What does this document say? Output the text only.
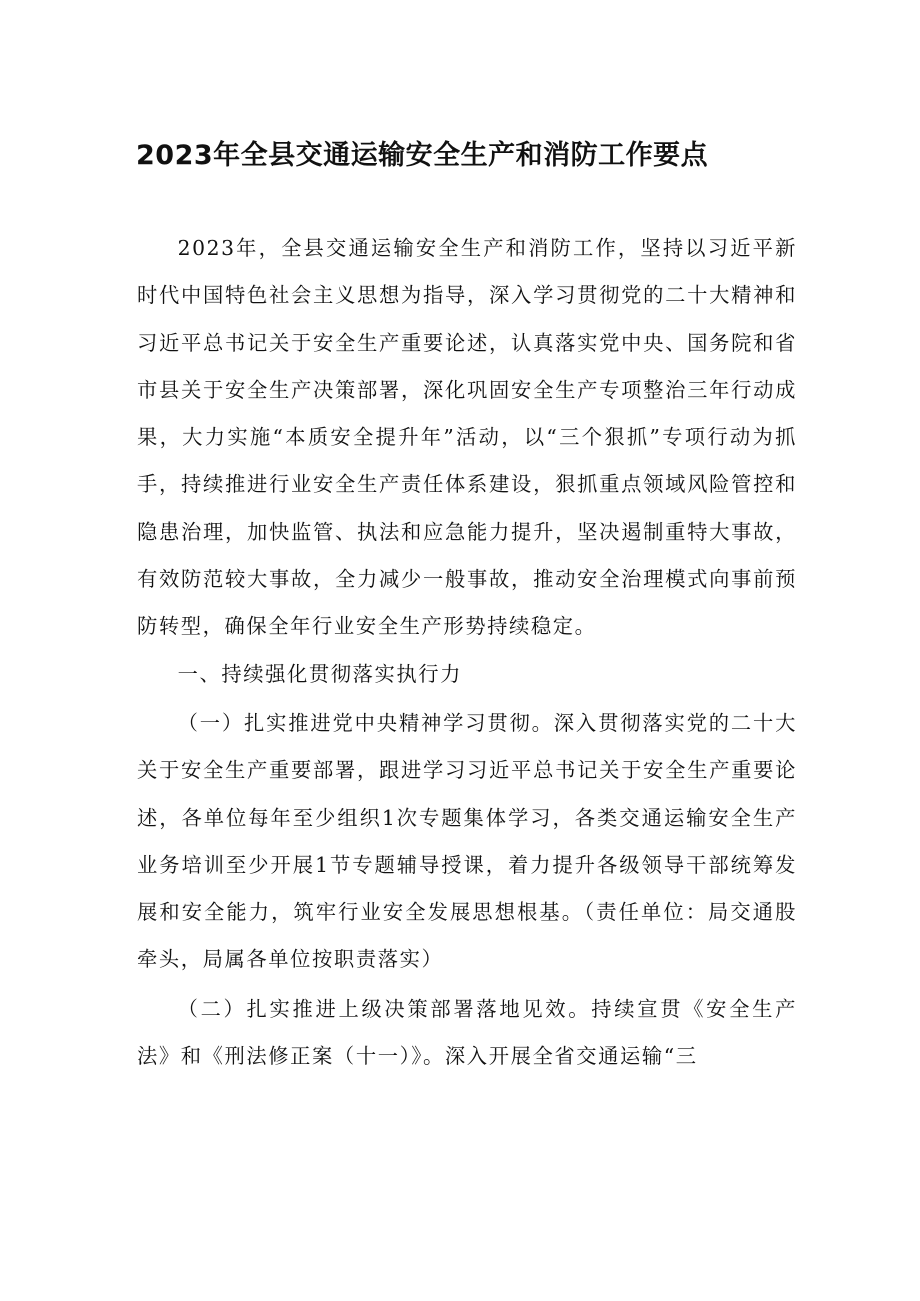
2023年全县交通运输安全生产和消防工作要点

2023年，全县交通运输安全生产和消防工作，坚持以习近平新时代中国特色社会主义思想为指导，深入学习贯彻党的二十大精神和习近平总书记关于安全生产重要论述，认真落实党中央、国务院和省市县关于安全生产决策部署，深化巩固安全生产专项整治三年行动成果，大力实施“本质安全提升年”活动，以“三个狠抓”专项行动为抓手，持续推进行业安全生产责任体系建设，狠抓重点领域风险管控和隐患治理，加快监管、执法和应急能力提升，坚决遏制重特大事故，有效防范较大事故，全力减少一般事故，推动安全治理模式向事前预防转型，确保全年行业安全生产形势持续稳定。

一、持续强化贯彻落实执行力

（一）扎实推进党中央精神学习贯彻。深入贯彻落实党的二十大关于安全生产重要部署，跟进学习习近平总书记关于安全生产重要论述，各单位每年至少组织1次专题集体学习，各类交通运输安全生产业务培训至少开展1节专题辅导授课，着力提升各级领导干部统筹发展和安全能力，筑牢行业安全发展思想根基。（责任单位：局交通股牵头，局属各单位按职责落实）

（二）扎实推进上级决策部署落地见效。持续宣贯《安全生产法》和《刑法修正案（十一）》。深入开展全省交通运输“三
